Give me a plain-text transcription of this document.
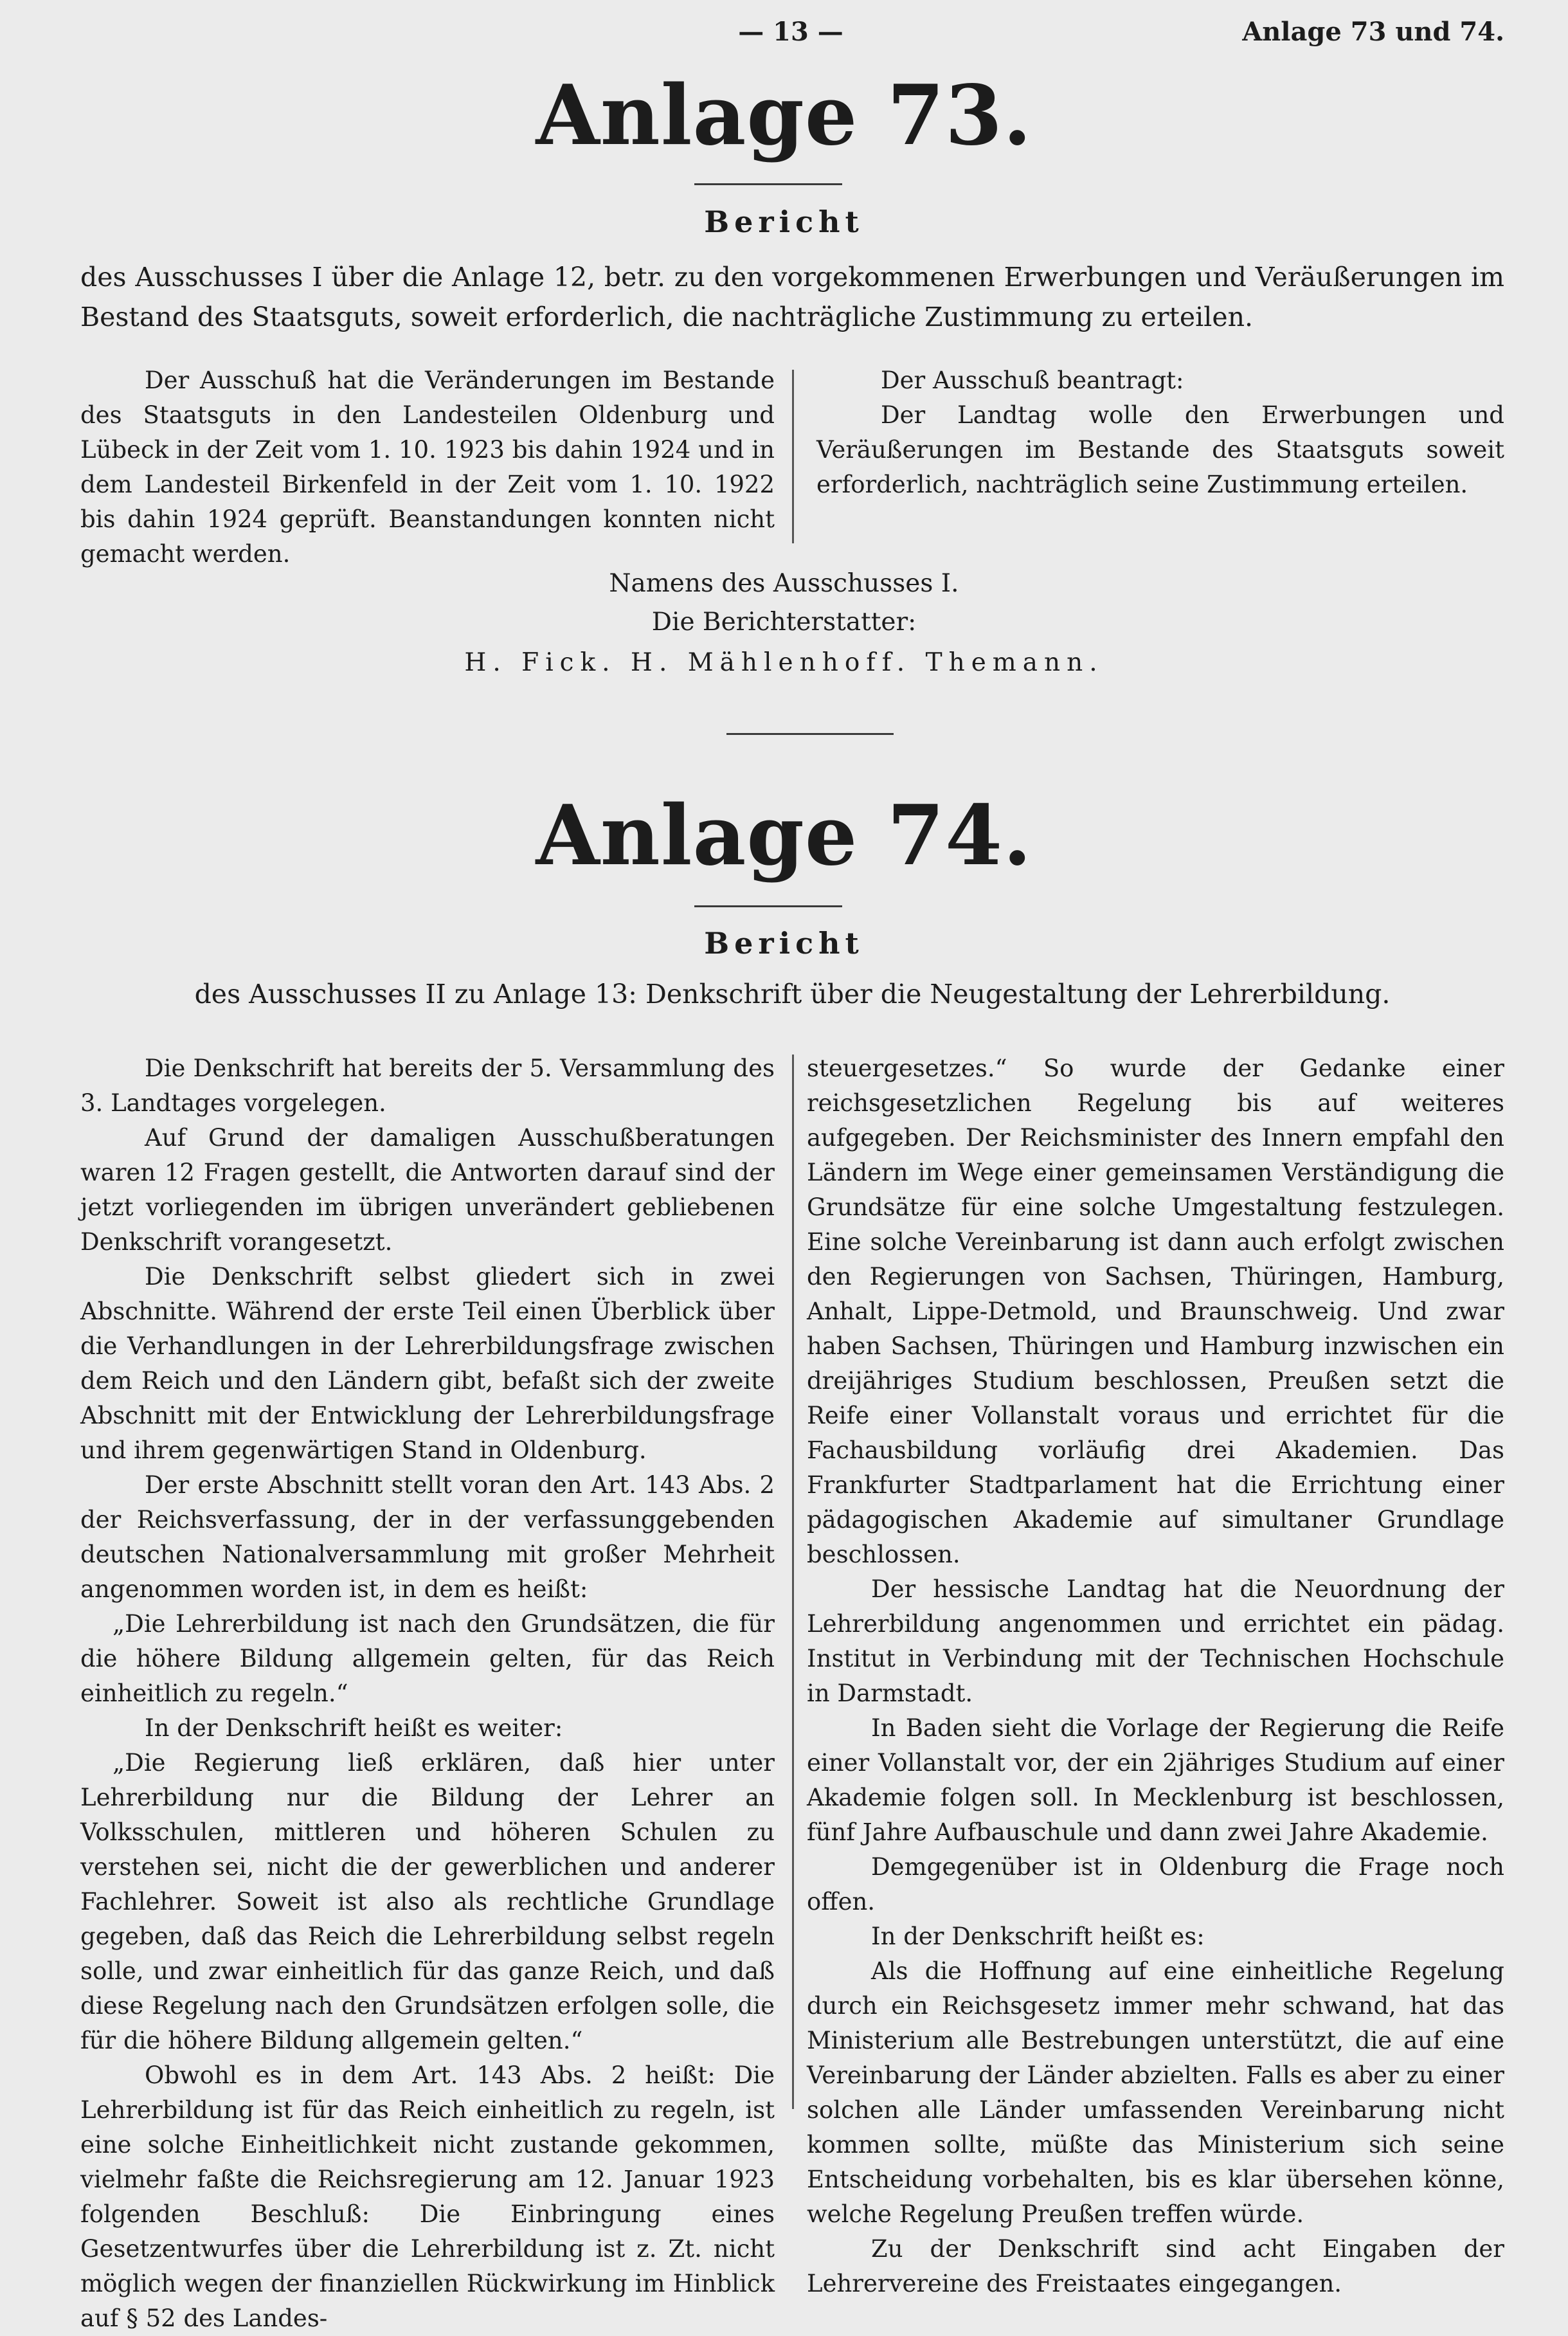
— 13 —	Anlage 73 und 74.
Anlage 73.
Bericht
des Ausschusses I über die Anlage 12, betr. zu den vorgekommenen Erwerbungen und Veräußerungen im Bestand des Staatsguts, soweit erforderlich, die nachträgliche Zustimmung zu erteilen.

Der Ausschuß hat die Veränderungen im Bestande des Staatsguts in den Landesteilen Oldenburg und Lübeck in der Zeit vom 1. 10. 1923 bis dahin 1924 und in dem Landesteil Birkenfeld in der Zeit vom 1. 10. 1922 bis dahin 1924 geprüft. Beanstandungen konnten nicht gemacht werden.

Der Ausschuß beantragt:

Der Landtag wolle den Erwerbungen und Veräußerungen im Bestande des Staatsguts soweit erforderlich, nachträglich seine Zustimmung erteilen.

Namens des Ausschusses I.
Die Berichterstatter:
H. Fick. H. Mählenhoff. Themann.
Anlage 74.
Bericht
des Ausschusses II zu Anlage 13: Denkschrift über die Neugestaltung der Lehrerbildung.

Die Denkschrift hat bereits der 5. Versammlung des 3. Landtages vorgelegen.

Auf Grund der damaligen Ausschußberatungen waren 12 Fragen gestellt, die Antworten darauf sind der jetzt vorliegenden im übrigen unverändert gebliebenen Denkschrift vorangesetzt.

Die Denkschrift selbst gliedert sich in zwei Abschnitte. Während der erste Teil einen Überblick über die Verhandlungen in der Lehrerbildungsfrage zwischen dem Reich und den Ländern gibt, befaßt sich der zweite Abschnitt mit der Entwicklung der Lehrerbildungsfrage und ihrem gegenwärtigen Stand in Oldenburg.

Der erste Abschnitt stellt voran den Art. 143 Abs. 2 der Reichsverfassung, der in der verfassunggebenden deutschen Nationalversammlung mit großer Mehrheit angenommen worden ist, in dem es heißt:

„Die Lehrerbildung ist nach den Grundsätzen, die für die höhere Bildung allgemein gelten, für das Reich einheitlich zu regeln.“

In der Denkschrift heißt es weiter:

„Die Regierung ließ erklären, daß hier unter Lehrerbildung nur die Bildung der Lehrer an Volksschulen, mittleren und höheren Schulen zu verstehen sei, nicht die der gewerblichen und anderer Fachlehrer. Soweit ist also als rechtliche Grundlage gegeben, daß das Reich die Lehrerbildung selbst regeln solle, und zwar einheitlich für das ganze Reich, und daß diese Regelung nach den Grundsätzen erfolgen solle, die für die höhere Bildung allgemein gelten.“

Obwohl es in dem Art. 143 Abs. 2 heißt: Die Lehrerbildung ist für das Reich einheitlich zu regeln, ist eine solche Einheitlichkeit nicht zustande gekommen, vielmehr faßte die Reichsregierung am 12. Januar 1923 folgenden Beschluß: Die Einbringung eines Gesetzentwurfes über die Lehrerbildung ist z. Zt. nicht möglich wegen der finanziellen Rückwirkung im Hinblick auf § 52 des Landes-

steuergesetzes.“ So wurde der Gedanke einer reichsgesetzlichen Regelung bis auf weiteres aufgegeben. Der Reichsminister des Innern empfahl den Ländern im Wege einer gemeinsamen Verständigung die Grundsätze für eine solche Umgestaltung festzulegen. Eine solche Vereinbarung ist dann auch erfolgt zwischen den Regierungen von Sachsen, Thüringen, Hamburg, Anhalt, Lippe-Detmold, und Braunschweig. Und zwar haben Sachsen, Thüringen und Hamburg inzwischen ein dreijähriges Studium beschlossen, Preußen setzt die Reife einer Vollanstalt voraus und errichtet für die Fachausbildung vorläufig drei Akademien. Das Frankfurter Stadtparlament hat die Errichtung einer pädagogischen Akademie auf simultaner Grundlage beschlossen.

Der hessische Landtag hat die Neuordnung der Lehrerbildung angenommen und errichtet ein pädag. Institut in Verbindung mit der Technischen Hochschule in Darmstadt.

In Baden sieht die Vorlage der Regierung die Reife einer Vollanstalt vor, der ein 2jähriges Studium auf einer Akademie folgen soll. In Mecklenburg ist beschlossen, fünf Jahre Aufbauschule und dann zwei Jahre Akademie.

Demgegenüber ist in Oldenburg die Frage noch offen.

In der Denkschrift heißt es:

Als die Hoffnung auf eine einheitliche Regelung durch ein Reichsgesetz immer mehr schwand, hat das Ministerium alle Bestrebungen unterstützt, die auf eine Vereinbarung der Länder abzielten. Falls es aber zu einer solchen alle Länder umfassenden Vereinbarung nicht kommen sollte, müßte das Ministerium sich seine Entscheidung vorbehalten, bis es klar übersehen könne, welche Regelung Preußen treffen würde.

Zu der Denkschrift sind acht Eingaben der Lehrervereine des Freistaates eingegangen.
